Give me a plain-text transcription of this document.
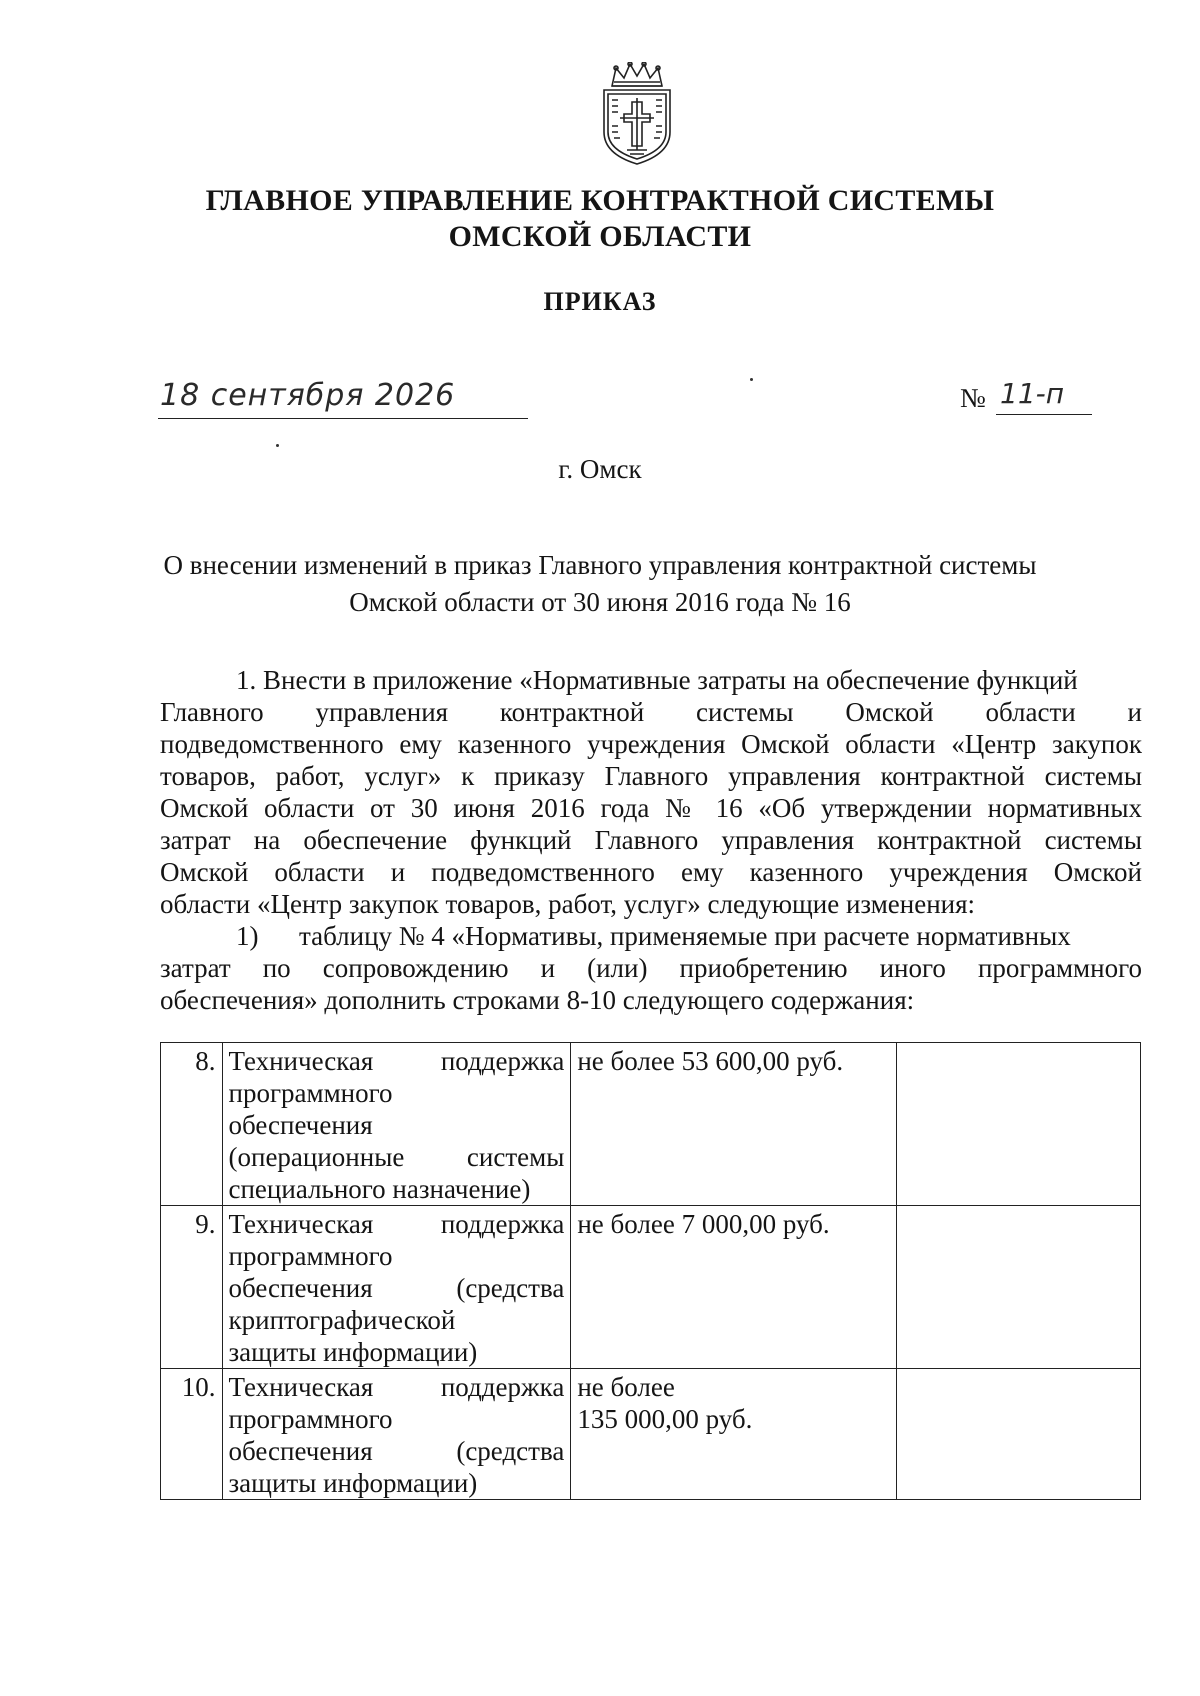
ГЛАВНОЕ УПРАВЛЕНИЕ КОНТРАКТНОЙ СИСТЕМЫ
ОМСКОЙ ОБЛАСТИ
ПРИКАЗ
18 сентября 2026	№ 11-п
г. Омск
О внесении изменений в приказ Главного управления контрактной системы
Омской области от 30 июня 2016 года № 16
1. Внести в приложение «Нормативные затраты на обеспечение функций
Главного управления контрактной системы Омской области и
подведомственного ему казенного учреждения Омской области «Центр закупок
товаров, работ, услуг» к приказу Главного управления контрактной системы
Омской области от 30 июня 2016 года № 16 «Об утверждении нормативных
затрат на обеспечение функций Главного управления контрактной системы
Омской области и подведомственного ему казенного учреждения Омской
области «Центр закупок товаров, работ, услуг» следующие изменения:
1)      таблицу № 4 «Нормативы, применяемые при расчете нормативных
затрат по сопровождению и (или) приобретению иного программного
обеспечения» дополнить строками 8-10 следующего содержания:
8.	Техническая поддержка
программного
обеспечения
(операционные системы
специального назначение)	не более 53 600,00 руб.	

9.	Техническая поддержка
программного
обеспечения (средства
криптографической
защиты информации)	не более 7 000,00 руб.	

10.	Техническая поддержка
программного
обеспечения (средства
защиты информации)	не более
135 000,00 руб.	
